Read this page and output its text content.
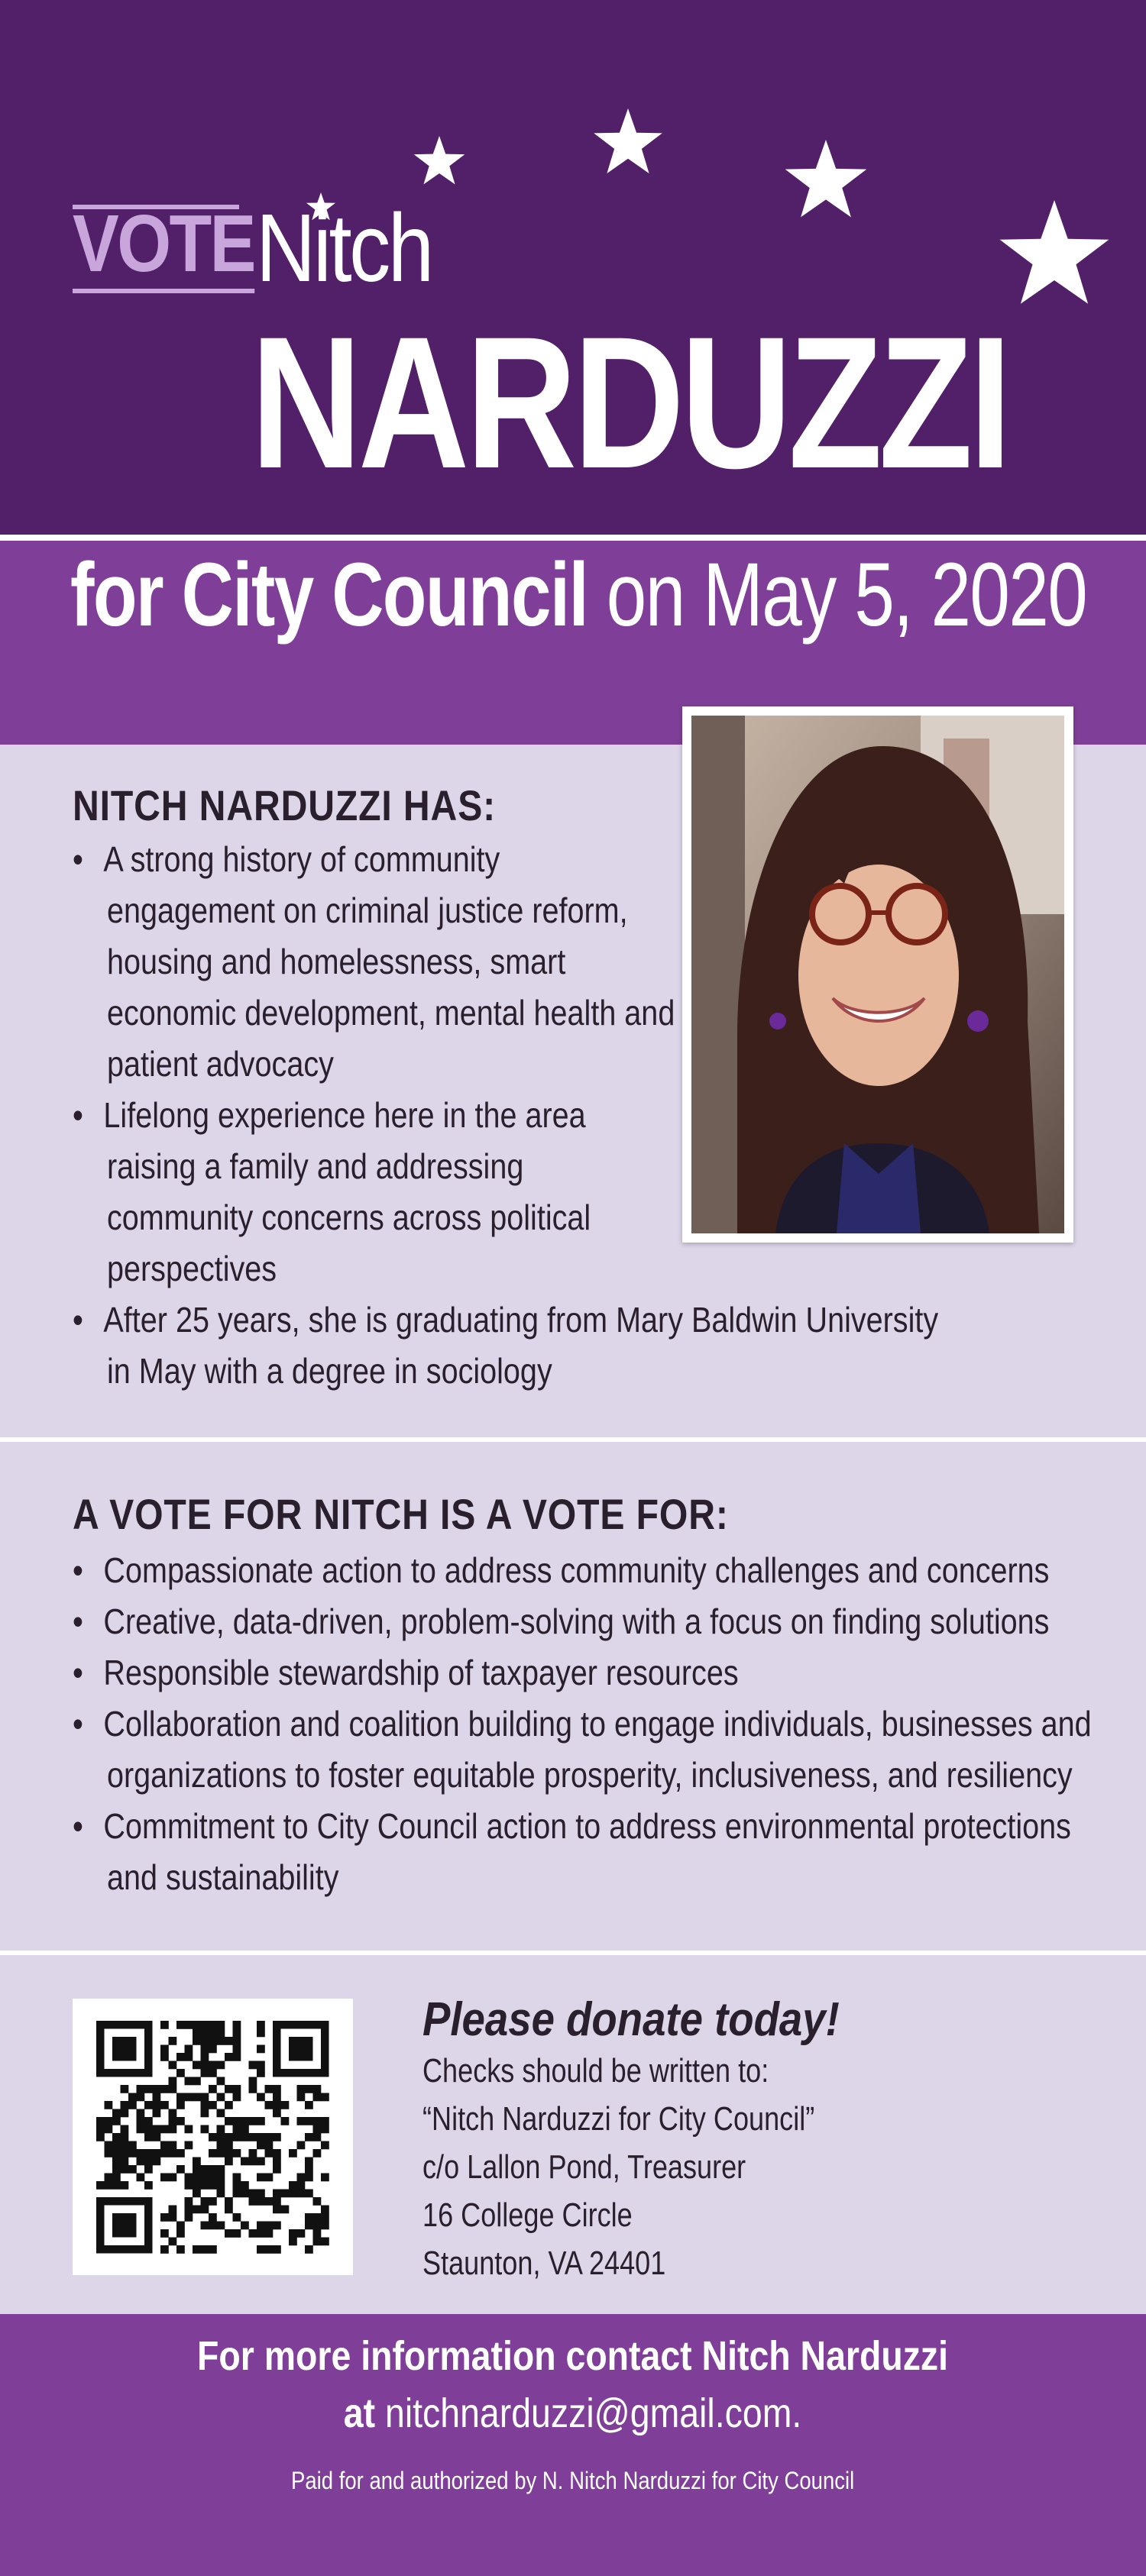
VOTE Nitch
NARDUZZI
for City Council on May 5, 2020
NITCH NARDUZZI HAS:
• A strong history of community
engagement on criminal justice reform,
housing and homelessness, smart
economic development, mental health and
patient advocacy
• Lifelong experience here in the area
raising a family and addressing
community concerns across political
perspectives
• After 25 years, she is graduating from Mary Baldwin University
in May with a degree in sociology
A VOTE FOR NITCH IS A VOTE FOR:
• Compassionate action to address community challenges and concerns
• Creative, data-driven, problem-solving with a focus on finding solutions
• Responsible stewardship of taxpayer resources
• Collaboration and coalition building to engage individuals, businesses and
organizations to foster equitable prosperity, inclusiveness, and resiliency
• Commitment to City Council action to address environmental protections
and sustainability
Please donate today!
Checks should be written to:
“Nitch Narduzzi for City Council”
c/o Lallon Pond, Treasurer
16 College Circle
Staunton, VA 24401
For more information contact Nitch Narduzzi
at nitchnarduzzi@gmail.com.
Paid for and authorized by N. Nitch Narduzzi for City Council
